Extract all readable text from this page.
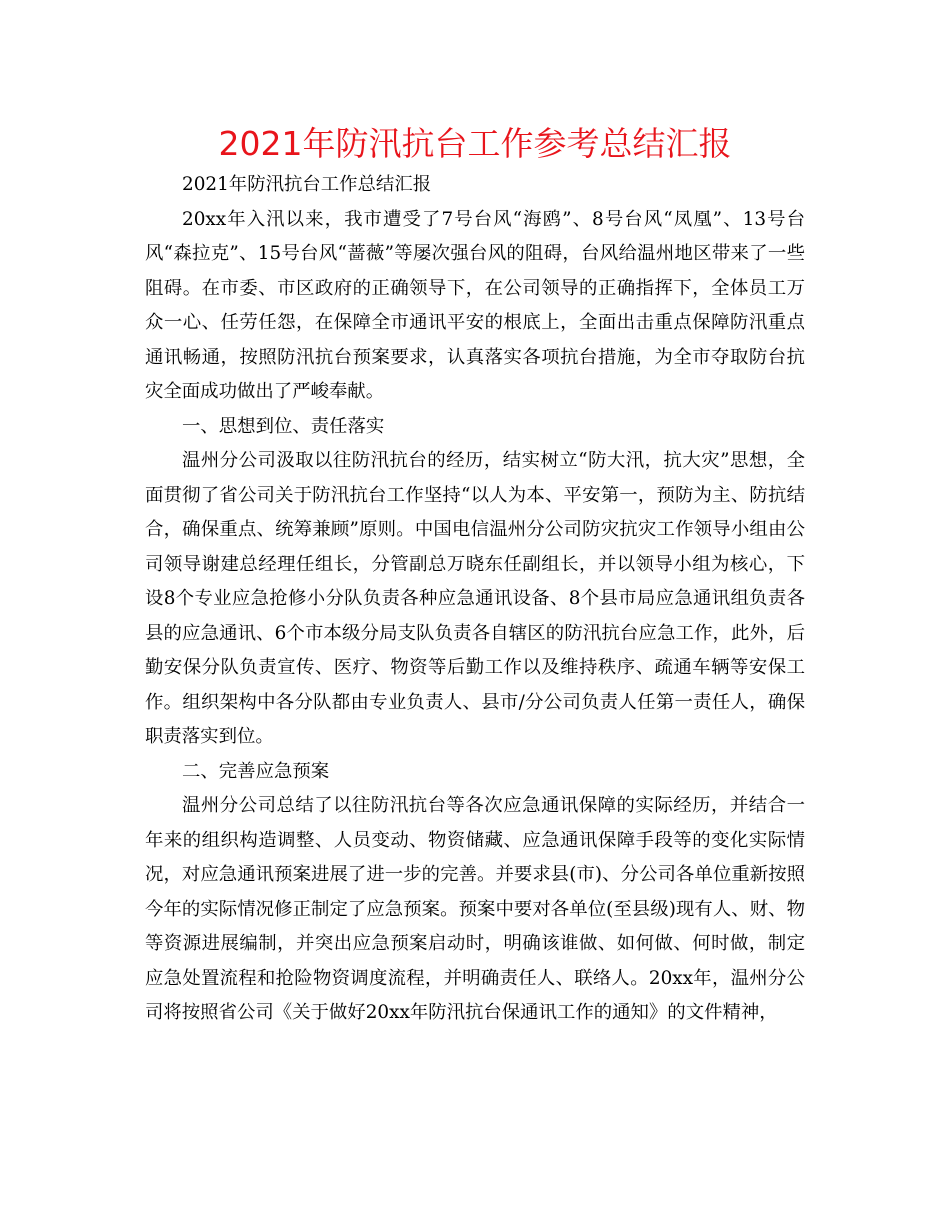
2021年防汛抗台工作参考总结汇报

2021年防汛抗台工作总结汇报

20xx年入汛以来，我市遭受了7号台风“海鸥”、8号台风“凤凰”、13号台风“森拉克”、15号台风“蔷薇”等屡次强台风的阻碍，台风给温州地区带来了一些阻碍。在市委、市区政府的正确领导下，在公司领导的正确指挥下，全体员工万众一心、任劳任怨，在保障全市通讯平安的根底上，全面出击重点保障防汛重点通讯畅通，按照防汛抗台预案要求，认真落实各项抗台措施，为全市夺取防台抗灾全面成功做出了严峻奉献。

一、思想到位、责任落实

温州分公司汲取以往防汛抗台的经历，结实树立“防大汛，抗大灾”思想，全面贯彻了省公司关于防汛抗台工作坚持“以人为本、平安第一，预防为主、防抗结合，确保重点、统筹兼顾”原则。中国电信温州分公司防灾抗灾工作领导小组由公司领导谢建总经理任组长，分管副总万晓东任副组长，并以领导小组为核心，下设8个专业应急抢修小分队负责各种应急通讯设备、8个县市局应急通讯组负责各县的应急通讯、6个市本级分局支队负责各自辖区的防汛抗台应急工作，此外，后勤安保分队负责宣传、医疗、物资等后勤工作以及维持秩序、疏通车辆等安保工作。组织架构中各分队都由专业负责人、县市/分公司负责人任第一责任人，确保职责落实到位。

二、完善应急预案

温州分公司总结了以往防汛抗台等各次应急通讯保障的实际经历，并结合一年来的组织构造调整、人员变动、物资储藏、应急通讯保障手段等的变化实际情况，对应急通讯预案进展了进一步的完善。并要求县(市)、分公司各单位重新按照今年的实际情况修正制定了应急预案。预案中要对各单位(至县级)现有人、财、物等资源进展编制，并突出应急预案启动时，明确该谁做、如何做、何时做，制定应急处置流程和抢险物资调度流程，并明确责任人、联络人。20xx年，温州分公司将按照省公司《关于做好20xx年防汛抗台保通讯工作的通知》的文件精神，
